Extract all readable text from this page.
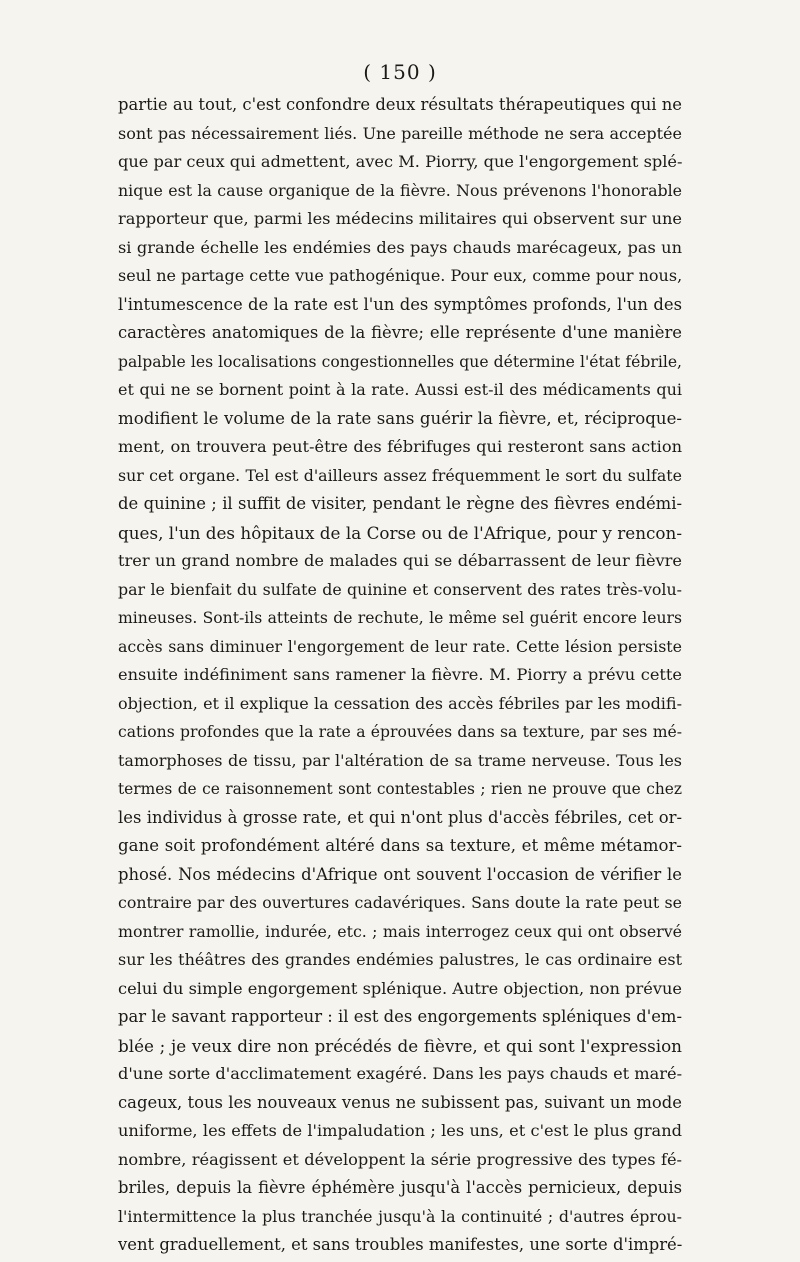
( 150 )
partie au tout, c'est confondre deux résultats thérapeutiques qui ne
sont pas nécessairement liés. Une pareille méthode ne sera acceptée
que par ceux qui admettent, avec M. Piorry, que l'engorgement splé-
nique est la cause organique de la fièvre. Nous prévenons l'honorable
rapporteur que, parmi les médecins militaires qui observent sur une
si grande échelle les endémies des pays chauds marécageux, pas un
seul ne partage cette vue pathogénique. Pour eux, comme pour nous,
l'intumescence de la rate est l'un des symptômes profonds, l'un des
caractères anatomiques de la fièvre; elle représente d'une manière
palpable les localisations congestionnelles que détermine l'état fébrile,
et qui ne se bornent point à la rate. Aussi est-il des médicaments qui
modifient le volume de la rate sans guérir la fièvre, et, réciproque-
ment, on trouvera peut-être des fébrifuges qui resteront sans action
sur cet organe. Tel est d'ailleurs assez fréquemment le sort du sulfate
de quinine ; il suffit de visiter, pendant le règne des fièvres endémi-
ques, l'un des hôpitaux de la Corse ou de l'Afrique, pour y rencon-
trer un grand nombre de malades qui se débarrassent de leur fièvre
par le bienfait du sulfate de quinine et conservent des rates très-volu-
mineuses. Sont-ils atteints de rechute, le même sel guérit encore leurs
accès sans diminuer l'engorgement de leur rate. Cette lésion persiste
ensuite indéfiniment sans ramener la fièvre. M. Piorry a prévu cette
objection, et il explique la cessation des accès fébriles par les modifi-
cations profondes que la rate a éprouvées dans sa texture, par ses mé-
tamorphoses de tissu, par l'altération de sa trame nerveuse. Tous les
termes de ce raisonnement sont contestables ; rien ne prouve que chez
les individus à grosse rate, et qui n'ont plus d'accès fébriles, cet or-
gane soit profondément altéré dans sa texture, et même métamor-
phosé. Nos médecins d'Afrique ont souvent l'occasion de vérifier le
contraire par des ouvertures cadavériques. Sans doute la rate peut se
montrer ramollie, indurée, etc. ; mais interrogez ceux qui ont observé
sur les théâtres des grandes endémies palustres, le cas ordinaire est
celui du simple engorgement splénique. Autre objection, non prévue
par le savant rapporteur : il est des engorgements spléniques d'em-
blée ; je veux dire non précédés de fièvre, et qui sont l'expression
d'une sorte d'acclimatement exagéré. Dans les pays chauds et maré-
cageux, tous les nouveaux venus ne subissent pas, suivant un mode
uniforme, les effets de l'impaludation ; les uns, et c'est le plus grand
nombre, réagissent et développent la série progressive des types fé-
briles, depuis la fièvre éphémère jusqu'à l'accès pernicieux, depuis
l'intermittence la plus tranchée jusqu'à la continuité ; d'autres éprou-
vent graduellement, et sans troubles manifestes, une sorte d'impré-
